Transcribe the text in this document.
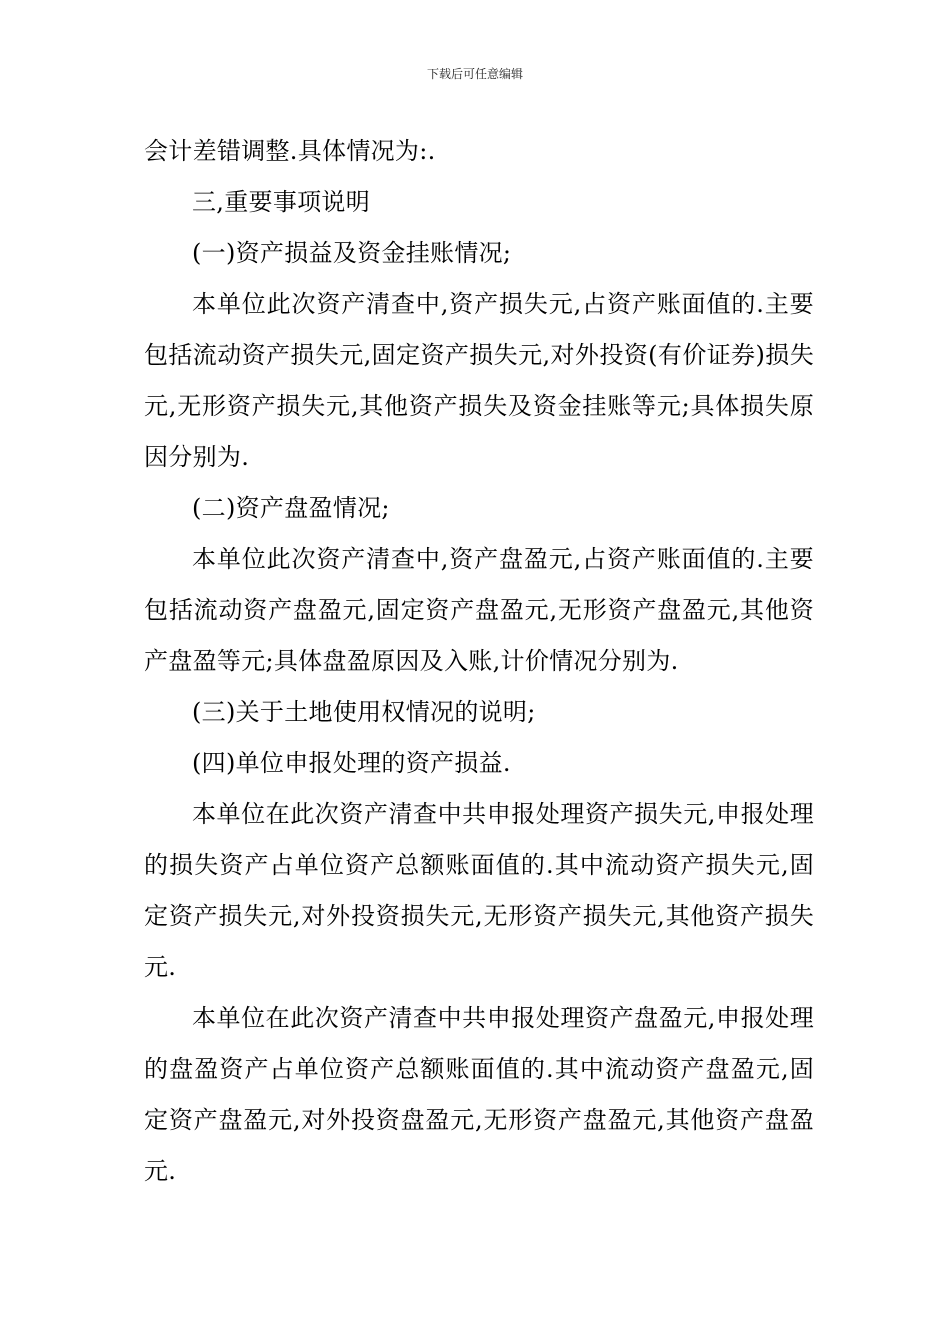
下载后可任意编辑

会计差错调整.具体情况为:.

三,重要事项说明

(一)资产损益及资金挂账情况;

本单位此次资产清查中,资产损失元,占资产账面值的.主要包括流动资产损失元,固定资产损失元,对外投资(有价证券)损失元,无形资产损失元,其他资产损失及资金挂账等元;具体损失原因分别为.

(二)资产盘盈情况;

本单位此次资产清查中,资产盘盈元,占资产账面值的.主要包括流动资产盘盈元,固定资产盘盈元,无形资产盘盈元,其他资产盘盈等元;具体盘盈原因及入账,计价情况分别为.

(三)关于土地使用权情况的说明;

(四)单位申报处理的资产损益.

本单位在此次资产清查中共申报处理资产损失元,申报处理的损失资产占单位资产总额账面值的.其中流动资产损失元,固定资产损失元,对外投资损失元,无形资产损失元,其他资产损失元.

本单位在此次资产清查中共申报处理资产盘盈元,申报处理的盘盈资产占单位资产总额账面值的.其中流动资产盘盈元,固定资产盘盈元,对外投资盘盈元,无形资产盘盈元,其他资产盘盈元.
